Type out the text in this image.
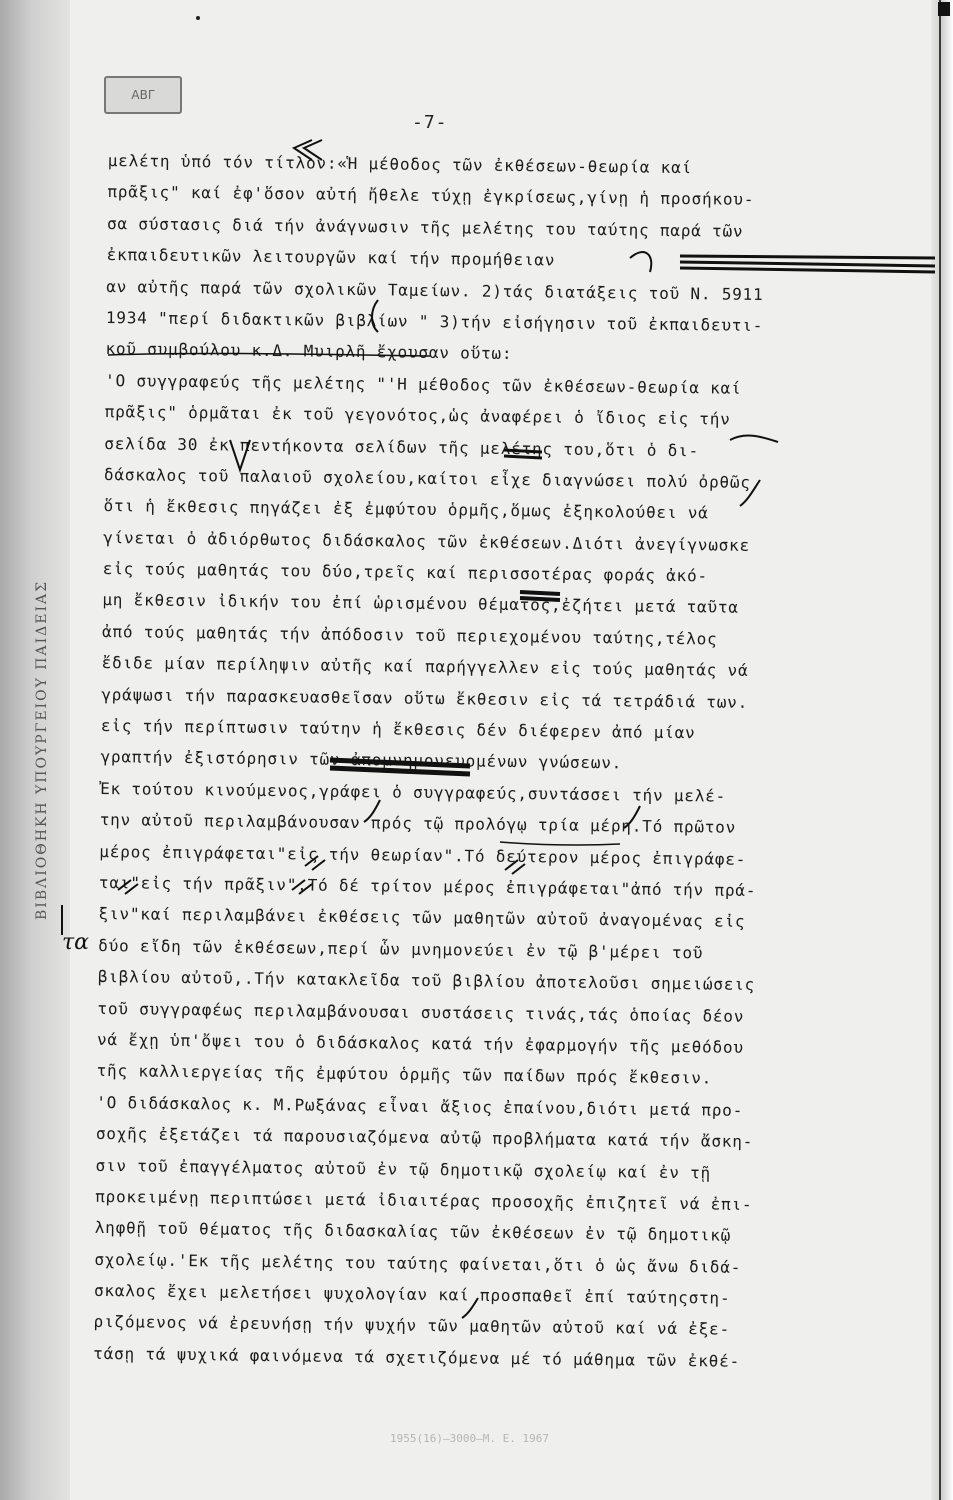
ΒΙΒΛΙΟΘΗΚΗ ΥΠΟΥΡΓΕΙΟΥ ΠΑΙΔΕΙΑΣ
ΑΒΓ
-7-
μελέτη ὑπό τόν τίτλον:«Ἡ μέθοδος τῶν ἐκθέσεων-θεωρία καί
πρᾶξις" καί ἐφ'ὅσον αὐτή ἤθελε τύχῃ ἐγκρίσεως,γίνῃ ἡ προσήκου-
σα σύστασις διά τήν ἀνάγνωσιν τῆς μελέτης του ταύτης παρά τῶν
ἐκπαιδευτικῶν λειτουργῶν καί τήν προμήθειαν
αν αὐτῆς παρά τῶν σχολικῶν Ταμείων. 2)τάς διατάξεις τοῦ Ν. 5911
1934 "περί διδακτικῶν βιβλίων " 3)τήν εἰσήγησιν τοῦ ἐκπαιδευτι-
κοῦ συμβούλου κ.Δ. Μυιρλῆ ἔχουσαν οὕτω:
'Ο συγγραφεύς τῆς μελέτης "'Η μέθοδος τῶν ἐκθέσεων-θεωρία καί
πρᾶξις" ὁρμᾶται ἐκ τοῦ γεγονότος,ὡς ἀναφέρει ὁ ἴδιος εἰς τήν
σελίδα 30 ἐκ πεντήκοντα σελίδων τῆς μελέτης του,ὅτι ὁ δι-
δάσκαλος τοῦ παλαιοῦ σχολείου,καίτοι εἶχε διαγνώσει πολύ ὀρθῶς
ὅτι ἡ ἔκθεσις πηγάζει ἐξ ἐμφύτου ὁρμῆς,ὅμως ἐξηκολούθει νά
γίνεται ὁ ἀδιόρθωτος διδάσκαλος τῶν ἐκθέσεων.Διότι ἀνεγίγνωσκε
εἰς τούς μαθητάς του δύο,τρεῖς καί περισσοτέρας φοράς ἀκό-
μη ἔκθεσιν ἰδικήν του ἐπί ὡρισμένου θέματος,ἐζήτει μετά ταῦτα
ἀπό τούς μαθητάς τήν ἀπόδοσιν τοῦ περιεχομένου ταύτης,τέλος
ἔδιδε μίαν περίληψιν αὐτῆς καί παρήγγελλεν εἰς τούς μαθητάς νά
γράψωσι τήν παρασκευασθεῖσαν οὕτω ἔκθεσιν εἰς τά τετράδιά των.
εἰς τήν περίπτωσιν ταύτην ἡ ἔκθεσις δέν διέφερεν ἀπό μίαν
γραπτήν ἐξιστόρησιν τῶν ἀπομνημονευομένων γνώσεων.
Ἐκ τούτου κινούμενος,γράφει ὁ συγγραφεύς,συντάσσει τήν μελέ-
την αὐτοῦ περιλαμβάνουσαν πρός τῷ προλόγῳ τρία μέρη.Τό πρῶτον
μέρος ἐπιγράφεται"εἰς τήν θεωρίαν".Τό δεύτερον μέρος ἐπιγράφε-
ται"εἰς τήν πρᾶξιν".Τό δέ τρίτον μέρος ἐπιγράφεται"ἀπό τήν πρά-
ξιν"καί περιλαμβάνει ἐκθέσεις τῶν μαθητῶν αὐτοῦ ἀναγομένας εἰς
δύο εἴδη τῶν ἐκθέσεων,περί ὧν μνημονεύει ἐν τῷ β'μέρει τοῦ
βιβλίου αὐτοῦ,.Τήν κατακλεῖδα τοῦ βιβλίου ἀποτελοῦσι σημειώσεις
τοῦ συγγραφέως περιλαμβάνουσαι συστάσεις τινάς,τάς ὁποίας δέον
νά ἔχῃ ὑπ'ὄψει του ὁ διδάσκαλος κατά τήν ἐφαρμογήν τῆς μεθόδου
τῆς καλλιεργείας τῆς ἐμφύτου ὁρμῆς τῶν παίδων πρός ἔκθεσιν.
'Ο διδάσκαλος κ. Μ.Ρωξάνας εἶναι ἄξιος ἐπαίνου,διότι μετά προ-
σοχῆς ἐξετάζει τά παρουσιαζόμενα αὐτῷ προβλήματα κατά τήν ἄσκη-
σιν τοῦ ἐπαγγέλματος αὐτοῦ ἐν τῷ δημοτικῷ σχολείῳ καί ἐν τῇ
προκειμένῃ περιπτώσει μετά ἰδιαιτέρας προσοχῆς ἐπιζητεῖ νά ἐπι-
ληφθῇ τοῦ θέματος τῆς διδασκαλίας τῶν ἐκθέσεων ἐν τῷ δημοτικῷ
σχολείῳ.'Εκ τῆς μελέτης του ταύτης φαίνεται,ὅτι ὁ ὡς ἄνω διδά-
σκαλος ἔχει μελετήσει ψυχολογίαν καί προσπαθεῖ ἐπί ταύτηςστη-
ριζόμενος νά ἐρευνήσῃ τήν ψυχήν τῶν μαθητῶν αὐτοῦ καί νά ἐξε-
τάσῃ τά ψυχικά φαινόμενα τά σχετιζόμενα μέ τό μάθημα τῶν ἐκθέ-
τα
1955(16)—3000—Μ. Ε. 1967
